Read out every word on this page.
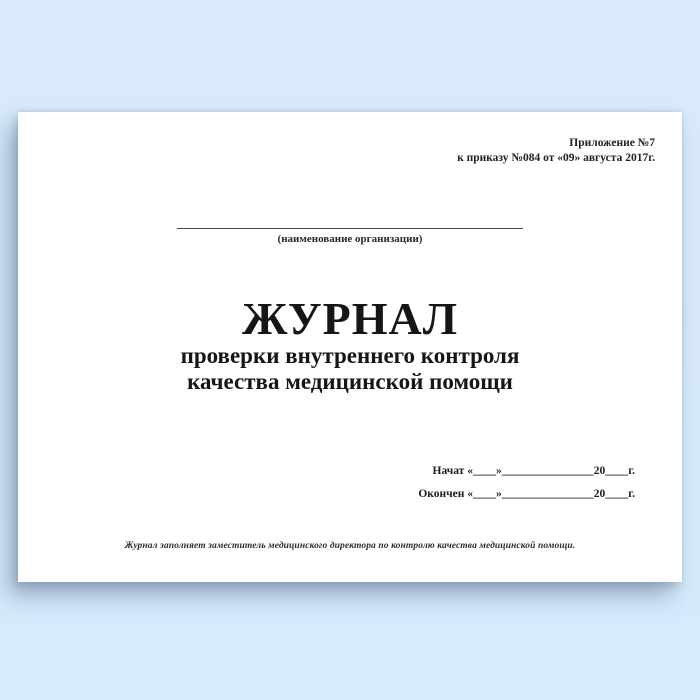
Приложение №7
к приказу №084 от «09» августа 2017г.
(наименование организации)
ЖУРНАЛ
проверки внутреннего контроля
качества медицинской помощи
Начат «____»________________20____г.
Окончен «____»________________20____г.
Журнал заполняет заместитель медицинского директора по контролю качества медицинской помощи.
